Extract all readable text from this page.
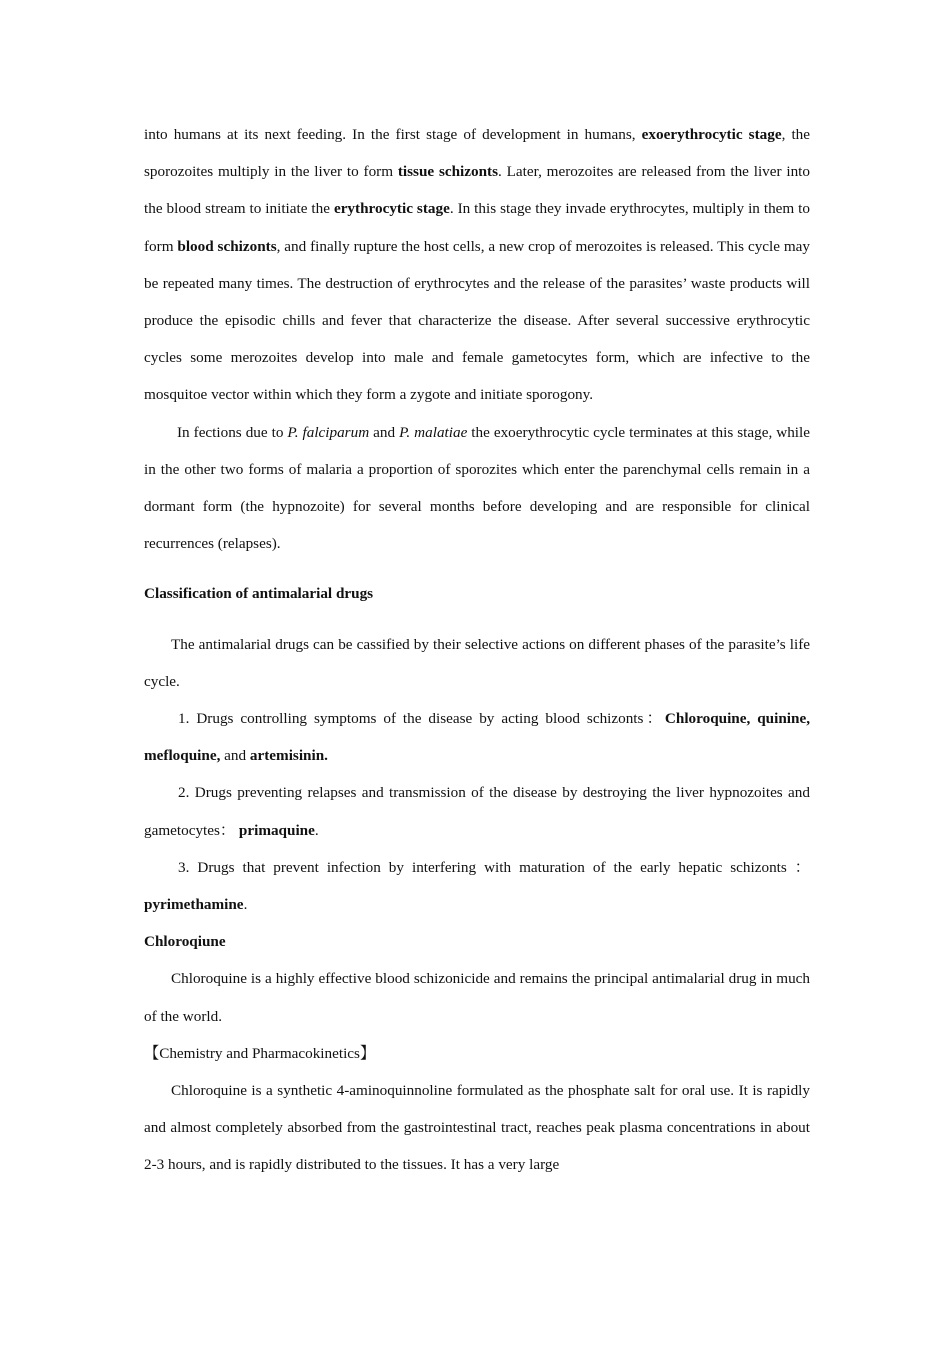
into humans at its next feeding. In the first stage of development in humans, exoerythrocytic stage, the sporozoites multiply in the liver to form tissue schizonts. Later, merozoites are released from the liver into the blood stream to initiate the erythrocytic stage. In this stage they invade erythrocytes, multiply in them to form blood schizonts, and finally rupture the host cells, a new crop of merozoites is released. This cycle may be repeated many times. The destruction of erythrocytes and the release of the parasites’ waste products will produce the episodic chills and fever that characterize the disease. After several successive erythrocytic cycles some merozoites develop into male and female gametocytes form, which are infective to the mosquitoe vector within which they form a zygote and initiate sporogony.

In fections due to P. falciparum and P. malatiae the exoerythrocytic cycle terminates at this stage, while in the other two forms of malaria a proportion of sporozites which enter the parenchymal cells remain in a dormant form (the hypnozoite) for several months before developing and are responsible for clinical recurrences (relapses).

Classification of antimalarial drugs

The antimalarial drugs can be cassified by their selective actions on different phases of the parasite’s life cycle.

1. Drugs controlling symptoms of the disease by acting blood schizonts：Chloroquine, quinine, mefloquine, and artemisinin.

2. Drugs preventing relapses and transmission of the disease by destroying the liver hypnozoites and gametocytes： primaquine.

3. Drugs that prevent infection by interfering with maturation of the early hepatic schizonts ：pyrimethamine.

Chloroqiune

Chloroquine is a highly effective blood schizonicide and remains the principal antimalarial drug in much of the world.

【Chemistry and Pharmacokinetics】

Chloroquine is a synthetic 4-aminoquinnoline formulated as the phosphate salt for oral use. It is rapidly and almost completely absorbed from the gastrointestinal tract, reaches peak plasma concentrations in about 2-3 hours, and is rapidly distributed to the tissues. It has a very large
